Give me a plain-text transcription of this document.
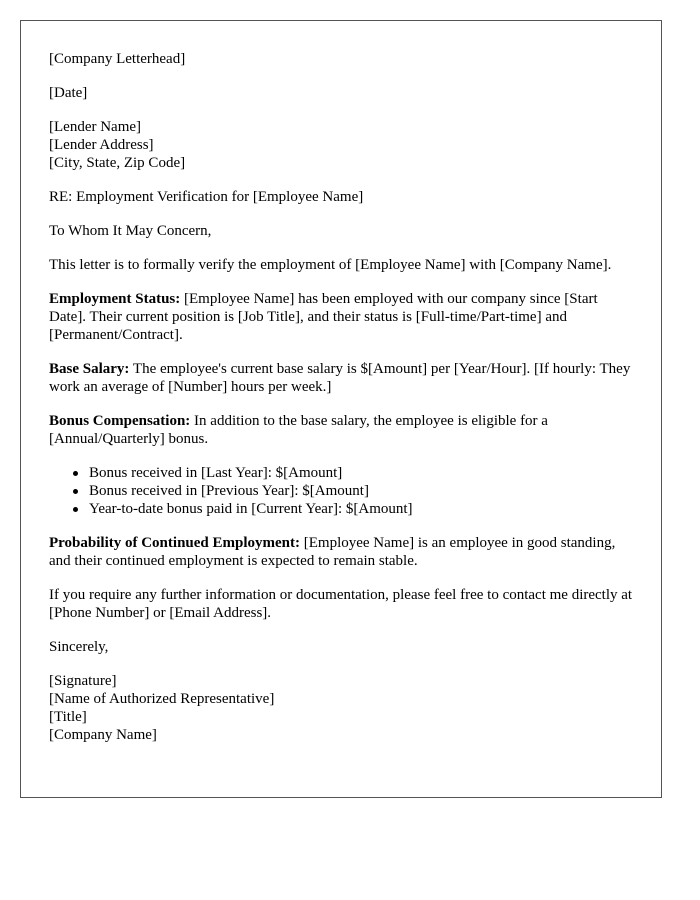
[Company Letterhead]

[Date]

[Lender Name]
[Lender Address]
[City, State, Zip Code]

RE: Employment Verification for [Employee Name]

To Whom It May Concern,

This letter is to formally verify the employment of [Employee Name] with [Company Name].

Employment Status: [Employee Name] has been employed with our company since [Start Date]. Their current position is [Job Title], and their status is [Full-time/Part-time] and [Permanent/Contract].

Base Salary: The employee's current base salary is $[Amount] per [Year/Hour]. [If hourly: They work an average of [Number] hours per week.]

Bonus Compensation: In addition to the base salary, the employee is eligible for a [Annual/Quarterly] bonus.

Bonus received in [Last Year]: $[Amount]
Bonus received in [Previous Year]: $[Amount]
Year-to-date bonus paid in [Current Year]: $[Amount]

Probability of Continued Employment: [Employee Name] is an employee in good standing, and their continued employment is expected to remain stable.

If you require any further information or documentation, please feel free to contact me directly at [Phone Number] or [Email Address].

Sincerely,

[Signature]
[Name of Authorized Representative]
[Title]
[Company Name]
